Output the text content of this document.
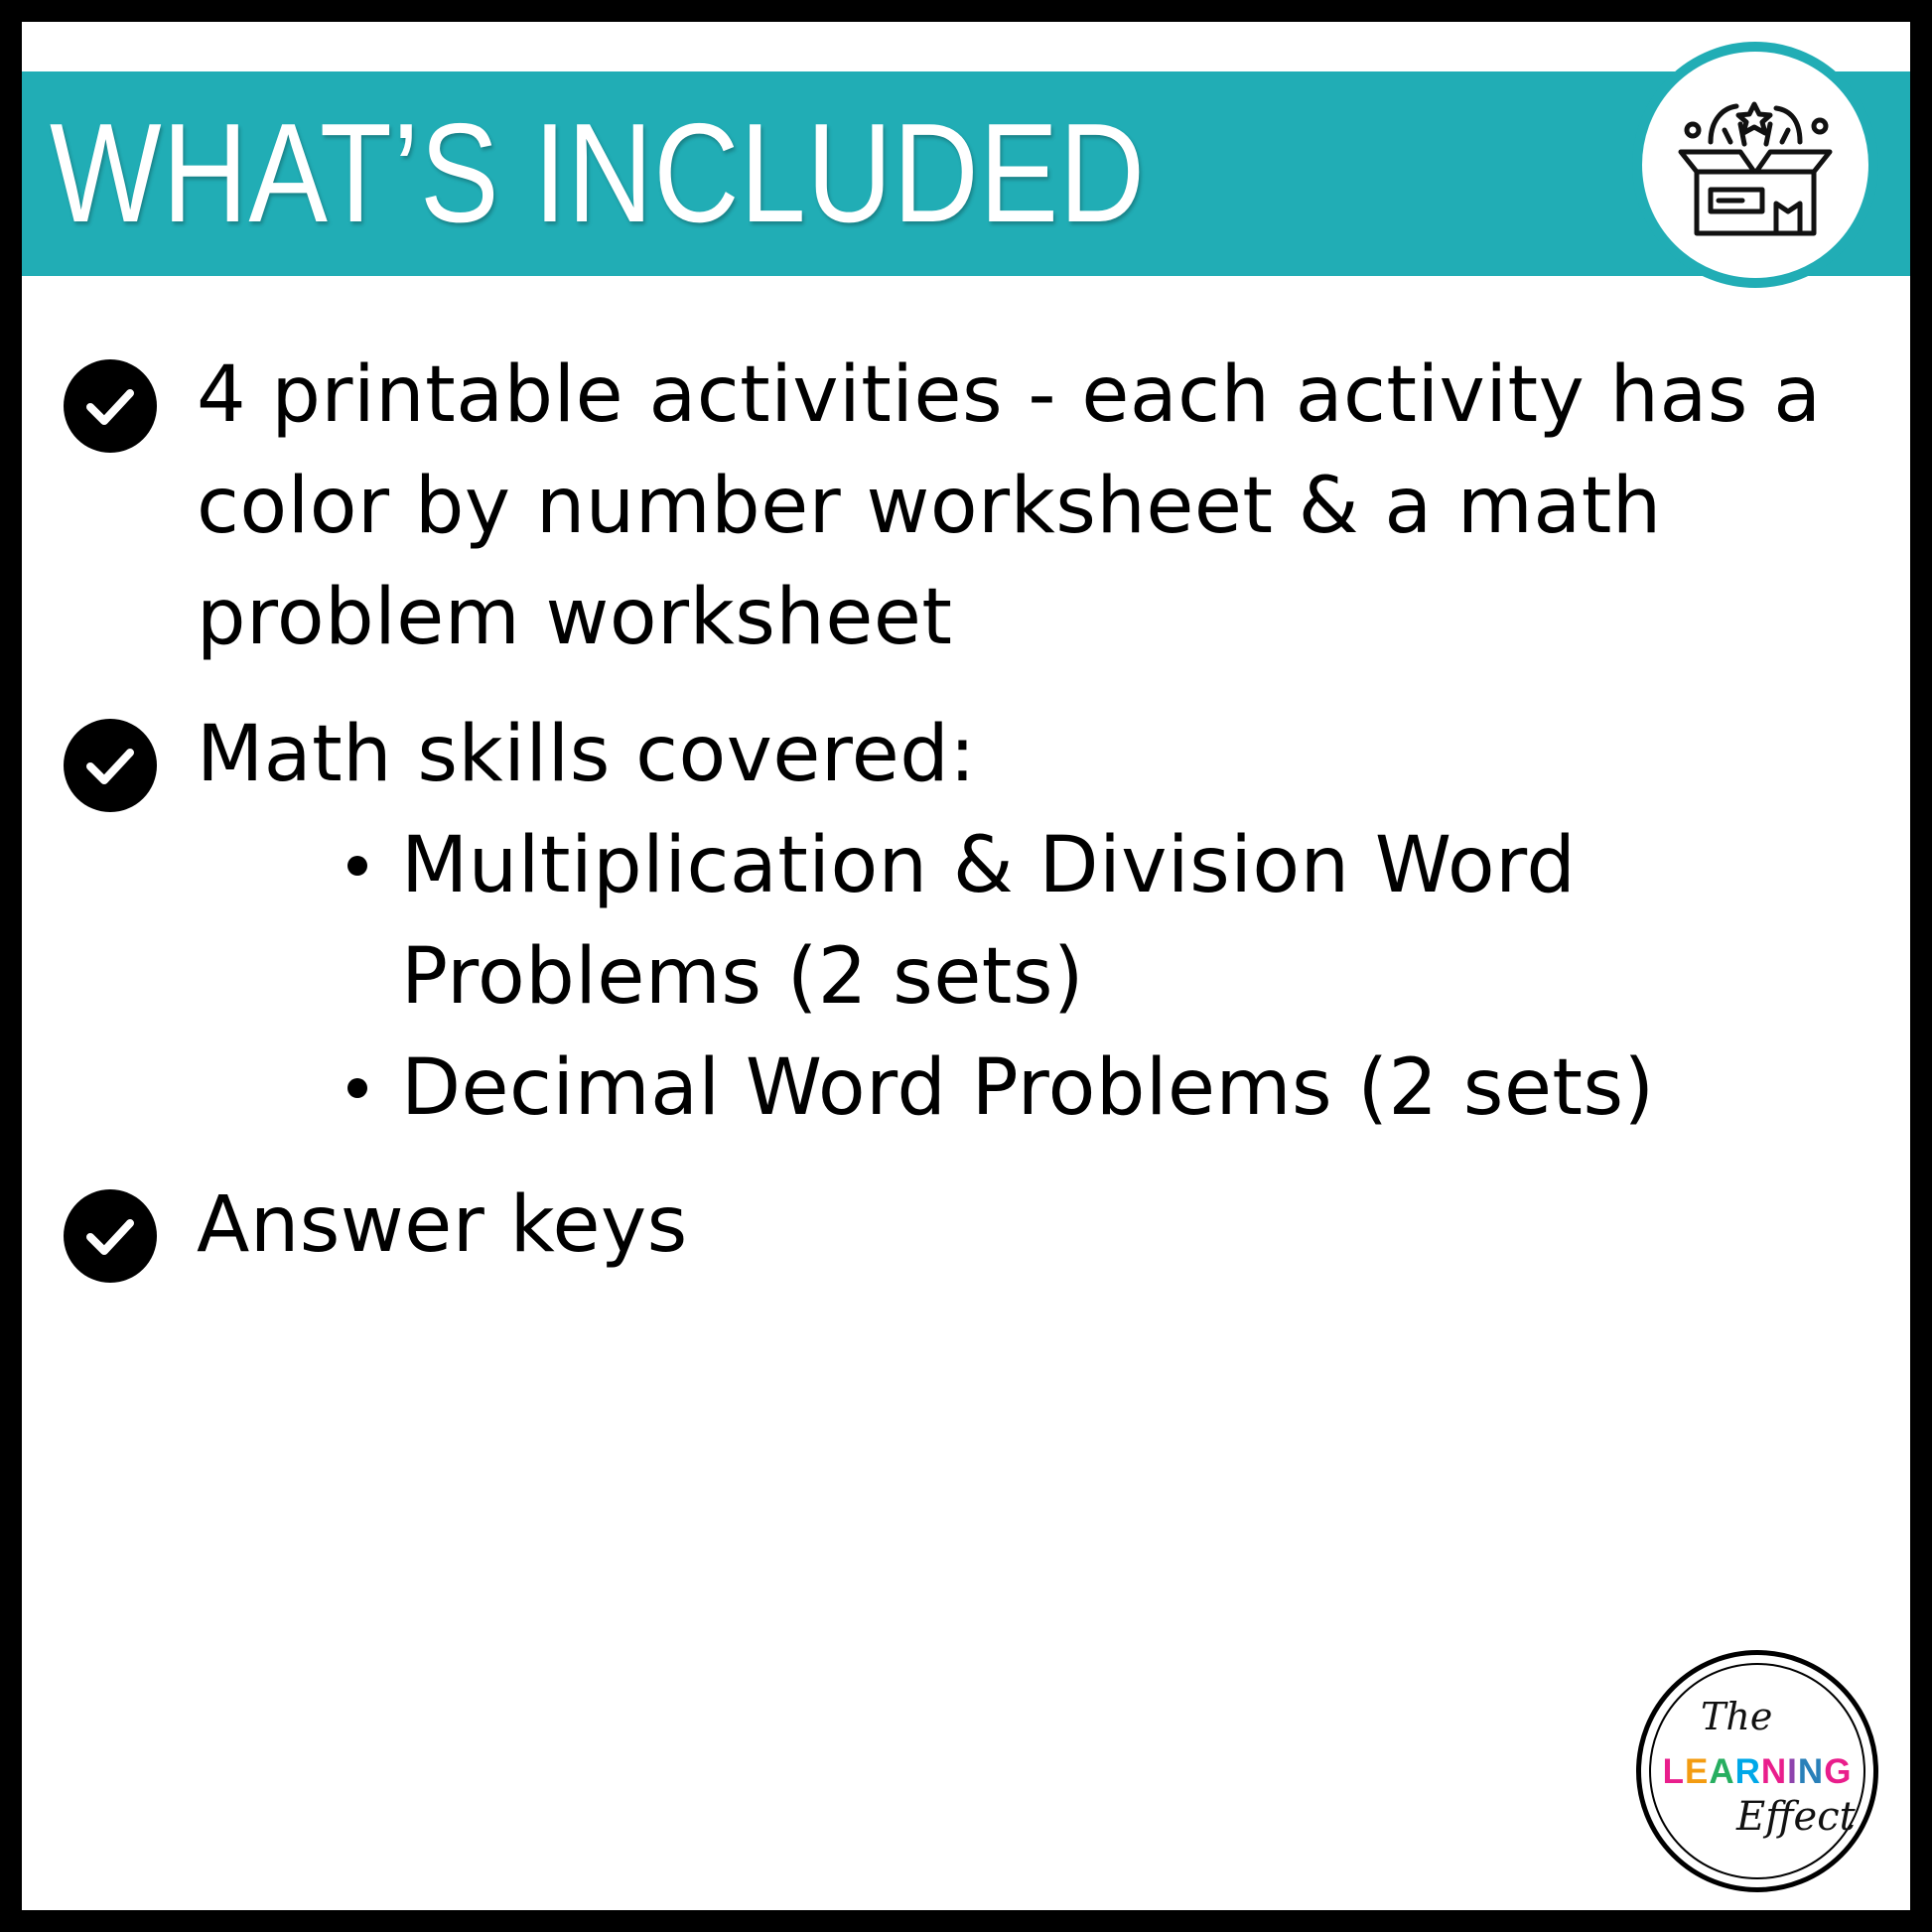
WHAT’S INCLUDED
4 printable activities - each activity has a color by number worksheet & a math problem worksheet
Math skills covered:
Multiplication & Division Word Problems (2 sets)
Decimal Word Problems (2 sets)
Answer keys
The
LEARNING
Effect
